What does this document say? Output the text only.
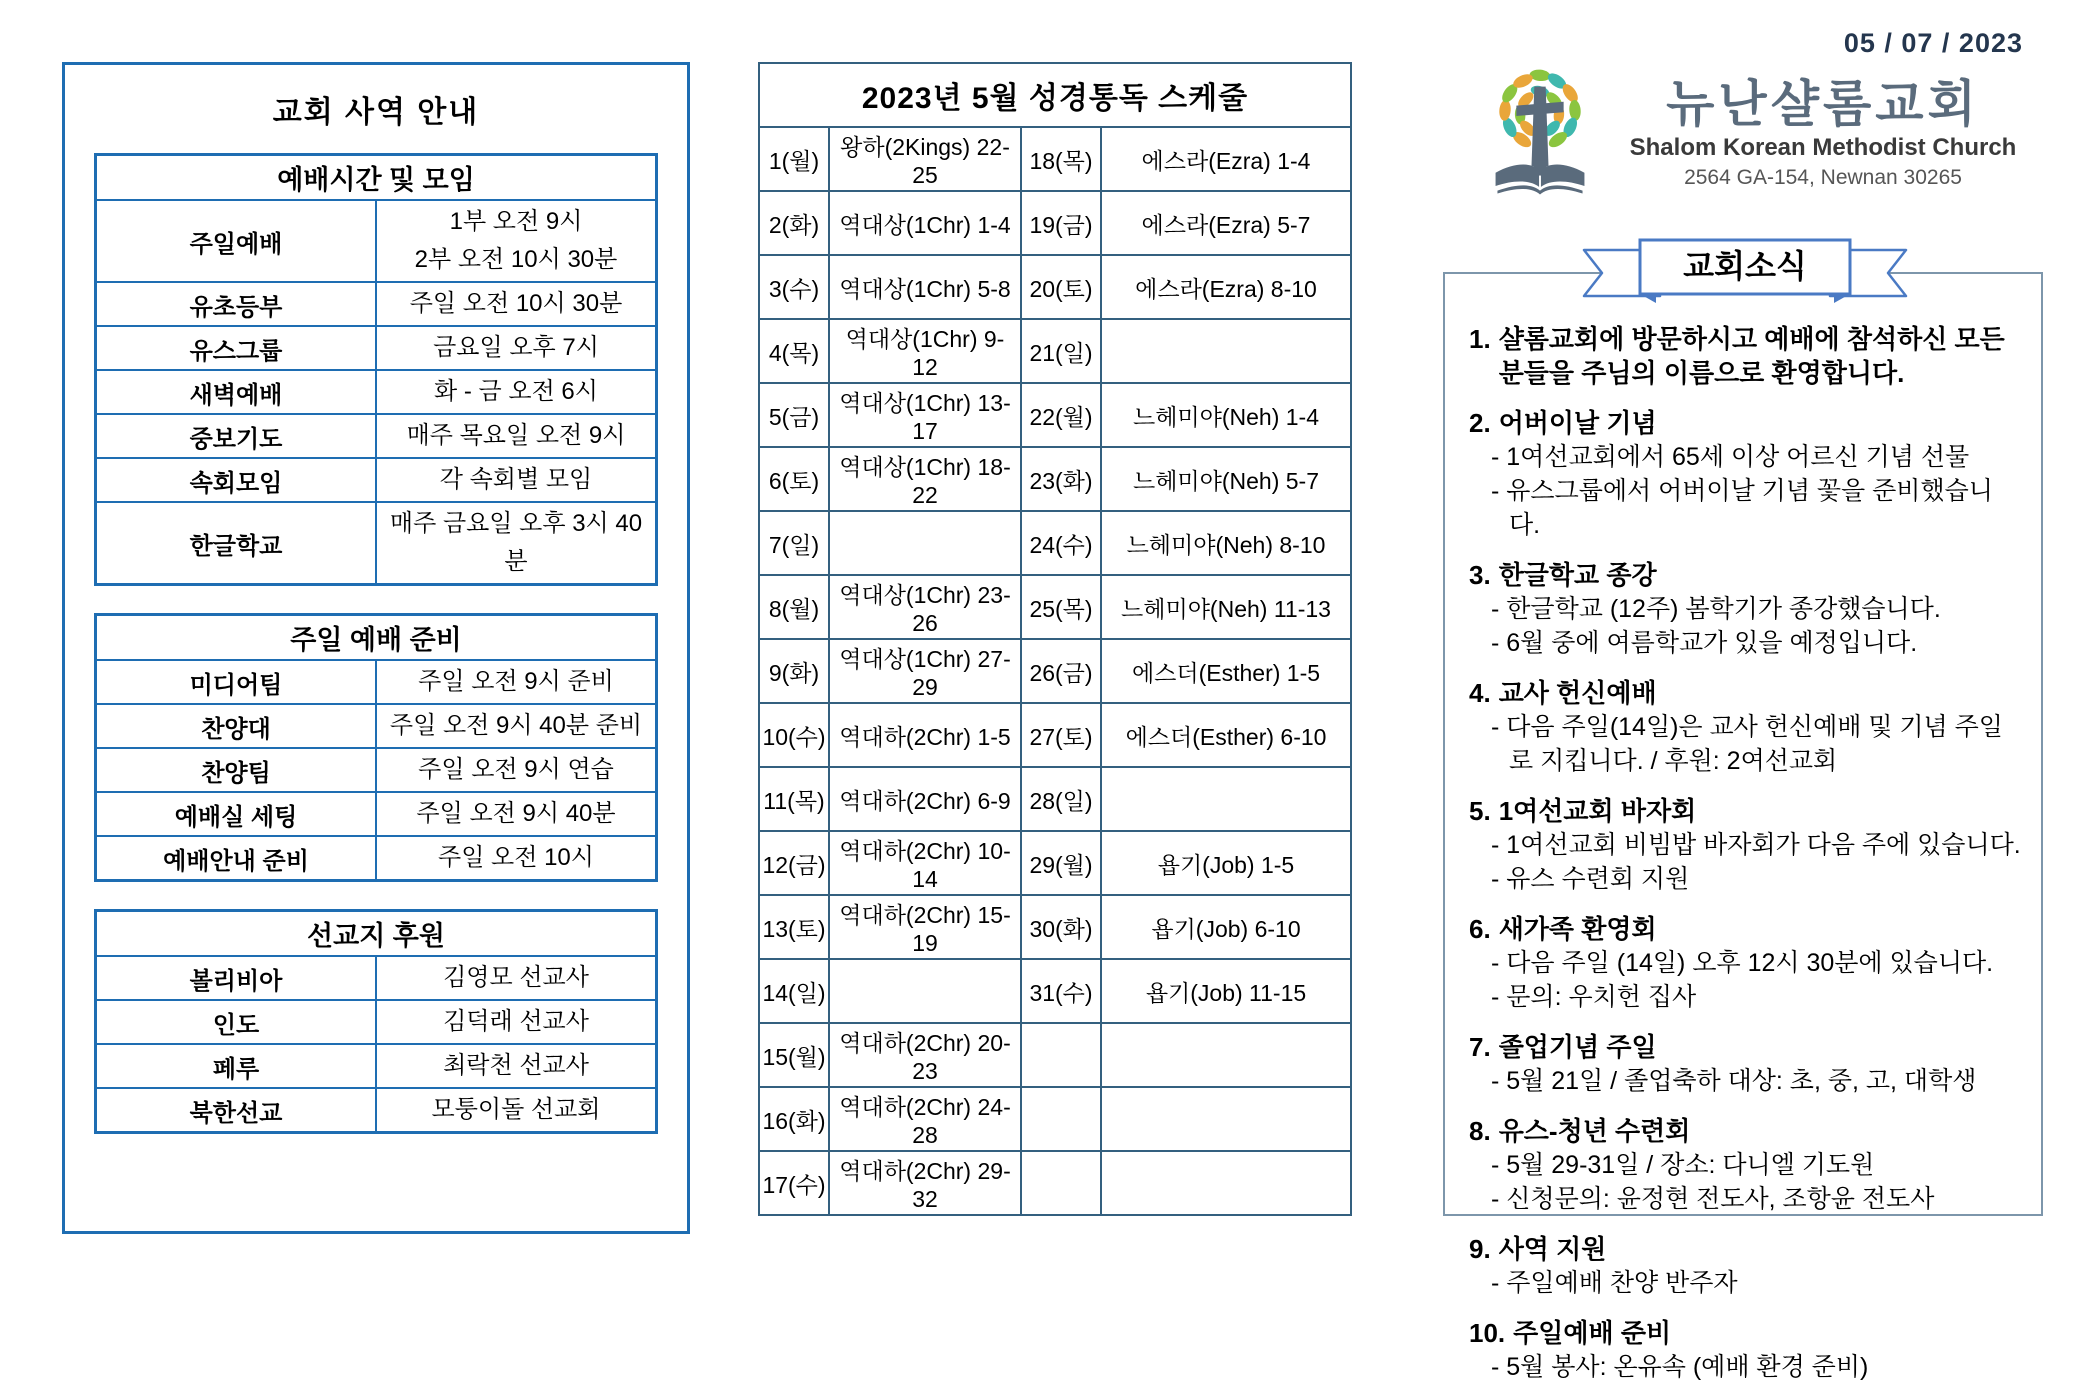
교회 사역 안내
예배시간 및 모임	
주일예배	1부 오전 9시
2부 오전 10시 30분

유초등부	주일 오전 10시 30분

유스그룹	금요일 오후 7시

새벽예배	화 - 금 오전 6시

중보기도	매주 목요일 오전 9시

속회모임	각 속회별 모임

한글학교	매주 금요일 오후 3시 40분
주일 예배 준비	
미디어팀	주일 오전 9시 준비

찬양대	주일 오전 9시 40분 준비

찬양팀	주일 오전 9시 연습

예배실 세팅	주일 오전 9시 40분

예배안내 준비	주일 오전 10시
선교지 후원	
볼리비아	김영모 선교사

인도	김덕래 선교사

페루	최락천 선교사

북한선교	모퉁이돌 선교회
2023년 5월 성경통독 스케줄			
1(월)	왕하(2Kings) 22-25	18(목)	에스라(Ezra) 1-4
2(화)	역대상(1Chr) 1-4	19(금)	에스라(Ezra) 5-7
3(수)	역대상(1Chr) 5-8	20(토)	에스라(Ezra) 8-10
4(목)	역대상(1Chr) 9-12	21(일)	
5(금)	역대상(1Chr) 13-17	22(월)	느헤미야(Neh) 1-4
6(토)	역대상(1Chr) 18-22	23(화)	느헤미야(Neh) 5-7
7(일)		24(수)	느헤미야(Neh) 8-10
8(월)	역대상(1Chr) 23-26	25(목)	느헤미야(Neh) 11-13
9(화)	역대상(1Chr) 27-29	26(금)	에스더(Esther) 1-5
10(수)	역대하(2Chr) 1-5	27(토)	에스더(Esther) 6-10
11(목)	역대하(2Chr) 6-9	28(일)	
12(금)	역대하(2Chr) 10-14	29(월)	욥기(Job) 1-5
13(토)	역대하(2Chr) 15-19	30(화)	욥기(Job) 6-10
14(일)		31(수)	욥기(Job) 11-15
15(월)	역대하(2Chr) 20-23		
16(화)	역대하(2Chr) 24-28		
17(수)	역대하(2Chr) 29-32		
05 / 07 / 2023
뉴난샬롬교회
Shalom Korean Methodist Church
2564 GA-154, Newnan 30265
교회소식
1. 샬롬교회에 방문하시고 예배에 참석하신 모든 분들을 주님의 이름으로 환영합니다.
2. 어버이날 기념
- 1여선교회에서 65세 이상 어르신 기념 선물
- 유스그룹에서 어버이날 기념 꽃을 준비했습니다.
3. 한글학교 종강
- 한글학교 (12주) 봄학기가 종강했습니다.
- 6월 중에 여름학교가 있을 예정입니다.
4. 교사 헌신예배
- 다음 주일(14일)은 교사 헌신예배 및 기념 주일로 지킵니다. / 후원: 2여선교회
5. 1여선교회 바자회
- 1여선교회 비빔밥 바자회가 다음 주에 있습니다.
- 유스 수련회 지원
6. 새가족 환영회
- 다음 주일 (14일) 오후 12시 30분에 있습니다.
- 문의: 우치헌 집사
7. 졸업기념 주일
- 5월 21일 / 졸업축하 대상: 초, 중, 고, 대학생
8. 유스-청년 수련회
- 5월 29-31일 / 장소: 다니엘 기도원
- 신청문의: 윤정현 전도사, 조항윤 전도사
9. 사역 지원
- 주일예배 찬양 반주자
10. 주일예배 준비
- 5월 봉사: 온유속 (예배 환경 준비)
